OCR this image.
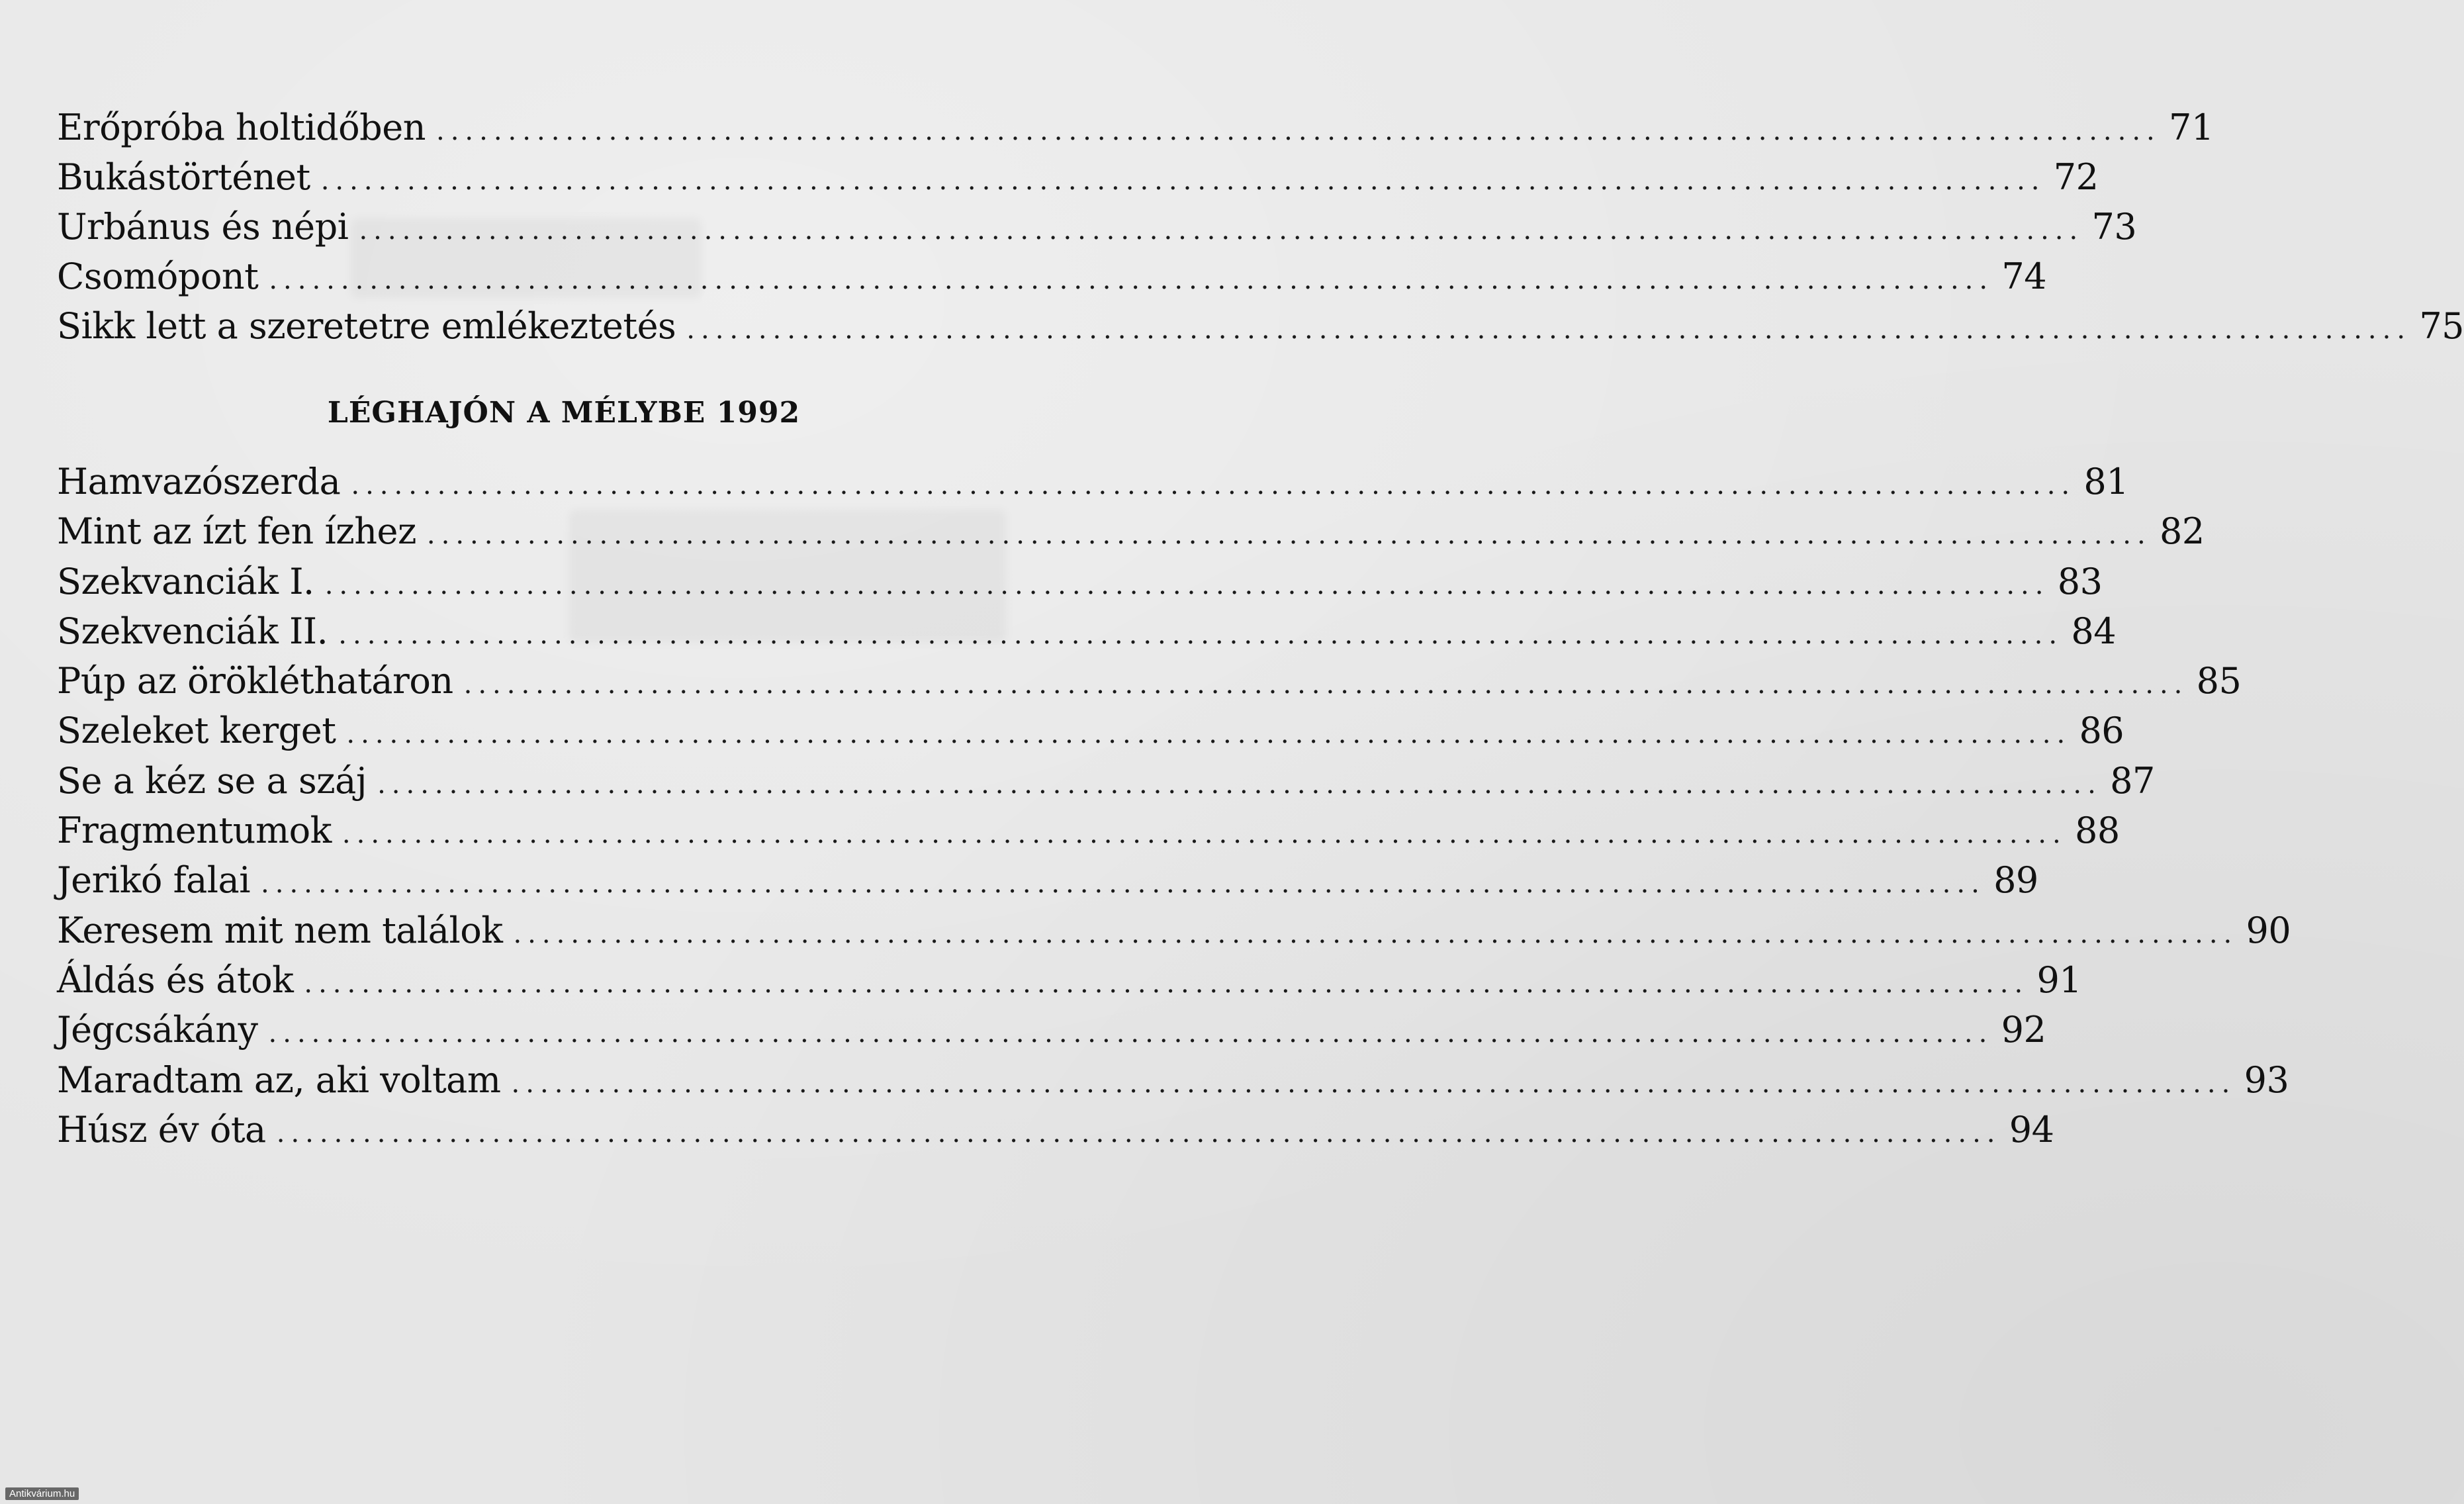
Erőpróba holtidőben ........................................................................................................................ 71
Bukástörténet ........................................................................................................................ 72
Urbánus és népi ........................................................................................................................ 73
Csomópont ........................................................................................................................ 74
Sikk lett a szeretetre emlékeztetés ........................................................................................................................ 75
LÉGHAJÓN A MÉLYBE 1992
Hamvazószerda ........................................................................................................................ 81
Mint az ízt fen ízhez ........................................................................................................................ 82
Szekvanciák I. ........................................................................................................................ 83
Szekvenciák II. ........................................................................................................................ 84
Púp az örökléthatáron ........................................................................................................................ 85
Szeleket kerget ........................................................................................................................ 86
Se a kéz se a száj ........................................................................................................................ 87
Fragmentumok ........................................................................................................................ 88
Jerikó falai ........................................................................................................................ 89
Keresem mit nem találok ........................................................................................................................ 90
Áldás és átok ........................................................................................................................ 91
Jégcsákány ........................................................................................................................ 92
Maradtam az, aki voltam ........................................................................................................................ 93
Húsz év óta ........................................................................................................................ 94
Antikvárium.hu
